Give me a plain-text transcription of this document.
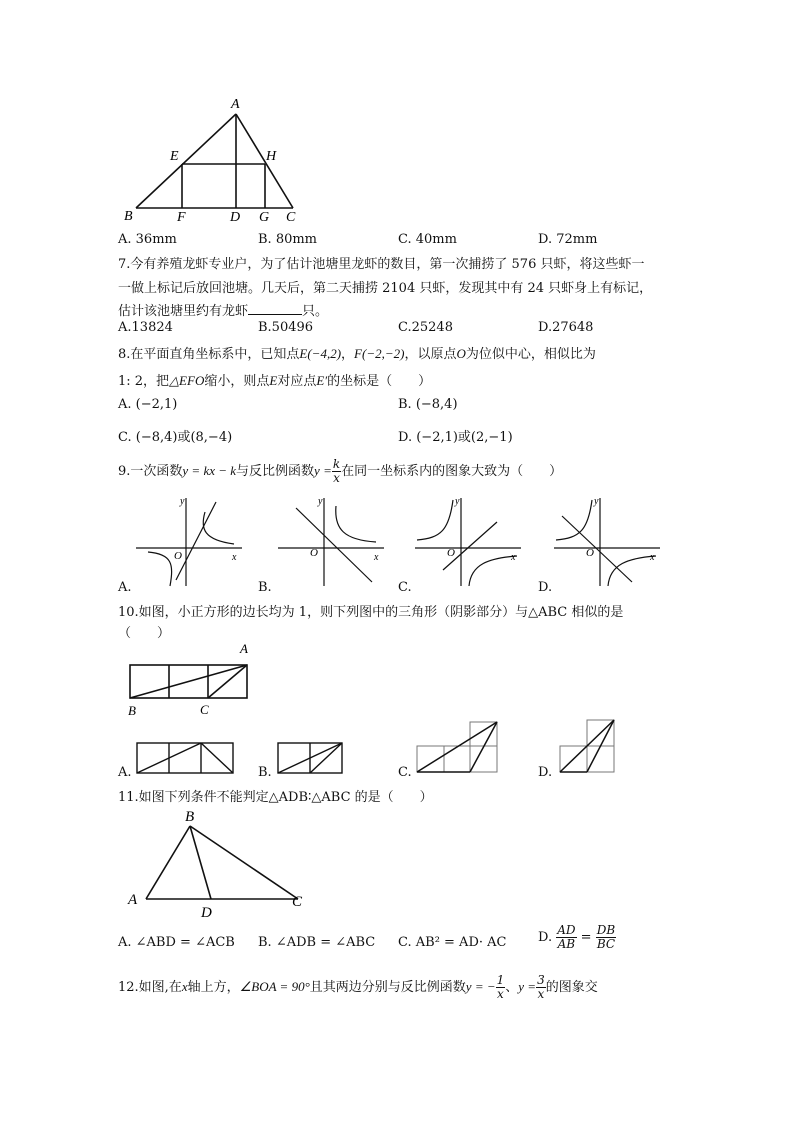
A
E	H
B	F	D G C
A. 36mm	B. 80mm	C. 40mm	D. 72mm
7.今有养殖龙虾专业户，为了估计池塘里龙虾的数目，第一次捕捞了 576 只虾，将这些虾一
一做上标记后放回池塘。几天后，第二天捕捞 2104 只虾，发现其中有 24 只虾身上有标记，
估计该池塘里约有龙虾	只。
A.13824	B.50496	C.25248	D.27648
8.在平面直角坐标系中，已知点E(−4,2)，F(−2,−2)，以原点O为位似中心，相似比为
1: 2，把△EFO缩小，则点E对应点E′的坐标是（　　）
A. (−2,1)	B. (−8,4)
C. (−8,4)或(8,−4)	D. (−2,1)或(2,−1)
9.一次函数y = kx − k与反比例函数$y = \frac{k}{x}$ 在同一坐标系内的图象大致为（　　）
y
x
O
y
x
O
y
x
O
y
x
O
A.	B.	C.	D.
10.如图，小正方形的边长均为 1，则下列图中的三角形（阴影部分）与△ABC 相似的是
（　　）
A
B	C
A.	B.	C.	D.
11.如图下列条件不能判定△ADB∶△ABC 的是（　　）
B
A	C
D
A. ∠ABD = ∠ACB B. ∠ADB = ∠ABC C. AB² = AD· AC D. $\frac{AD}{AB} = \frac{DB}{BC}$
12.如图,在x轴上方，∠BOA = 90°且其两边分别与反比例函数y = − $\frac{1}{x}$ 、$y = \frac{3}{x}$ 的图象交
